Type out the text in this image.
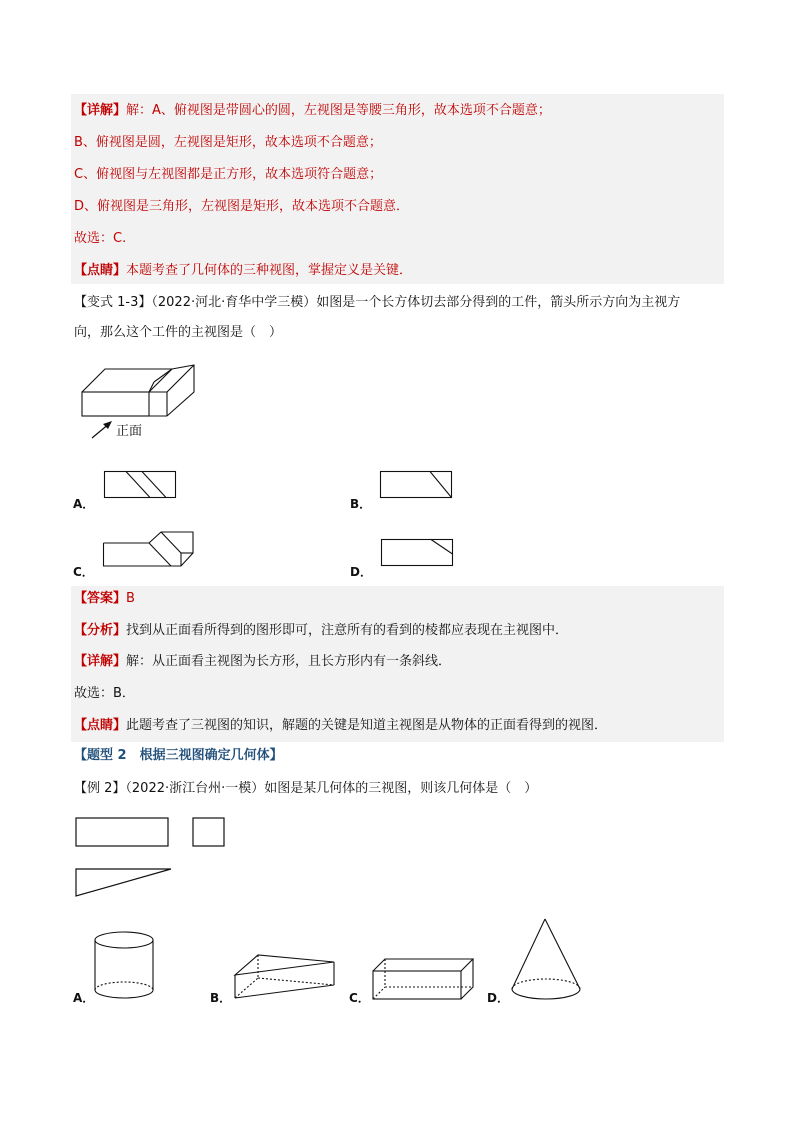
【详解】解：A、俯视图是带圆心的圆，左视图是等腰三角形，故本选项不合题意；
B、俯视图是圆，左视图是矩形，故本选项不合题意；
C、俯视图与左视图都是正方形，故本选项符合题意；
D、俯视图是三角形，左视图是矩形，故本选项不合题意．
故选：C.
【点睛】本题考查了几何体的三种视图，掌握定义是关键．
【变式 1-3】（2022·河北·育华中学三模）如图是一个长方体切去部分得到的工件，箭头所示方向为主视方
向，那么这个工件的主视图是（　）
正面
A．	B．
C．	D．
【答案】B
【分析】找到从正面看所得到的图形即可，注意所有的看到的棱都应表现在主视图中．
【详解】解：从正面看主视图为长方形，且长方形内有一条斜线．
故选：B．
【点睛】此题考查了三视图的知识，解题的关键是知道主视图是从物体的正面看得到的视图．
【题型 2　根据三视图确定几何体】
【例 2】（2022·浙江台州·一模）如图是某几何体的三视图，则该几何体是（　）
A．	B．	C．	D．
